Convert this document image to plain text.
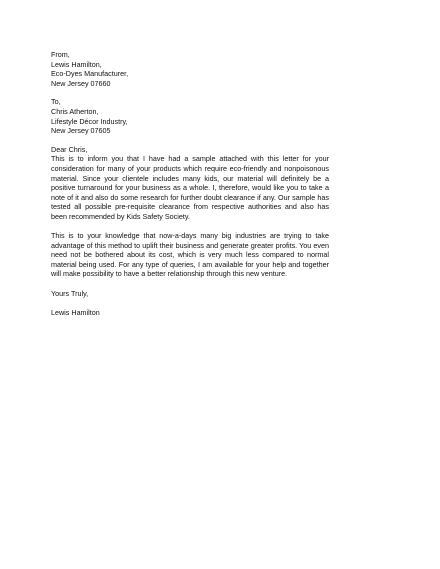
From,
Lewis Hamilton,
Eco-Dyes Manufacturer,
New Jersey 07660
To,
Chris Atherton,
Lifestyle Décor Industry,
New Jersey 07605
Dear Chris,

This is to inform you that I have had a sample attached with this letter for your consideration for many of your products which require eco-friendly and nonpoisonous material. Since your clientele includes many kids, our material will definitely be a positive turnaround for your business as a whole. I, therefore, would like you to take a note of it and also do some research for further doubt clearance if any. Our sample has tested all possible pre-requisite clearance from respective authorities and also has been recommended by Kids Safety Society.

This is to your knowledge that now-a-days many big industries are trying to take advantage of this method to uplift their business and generate greater profits. You even need not be bothered about its cost, which is very much less compared to normal material being used. For any type of queries, I am available for your help and together will make possibility to have a better relationship through this new venture.

Yours Truly,
Lewis Hamilton
